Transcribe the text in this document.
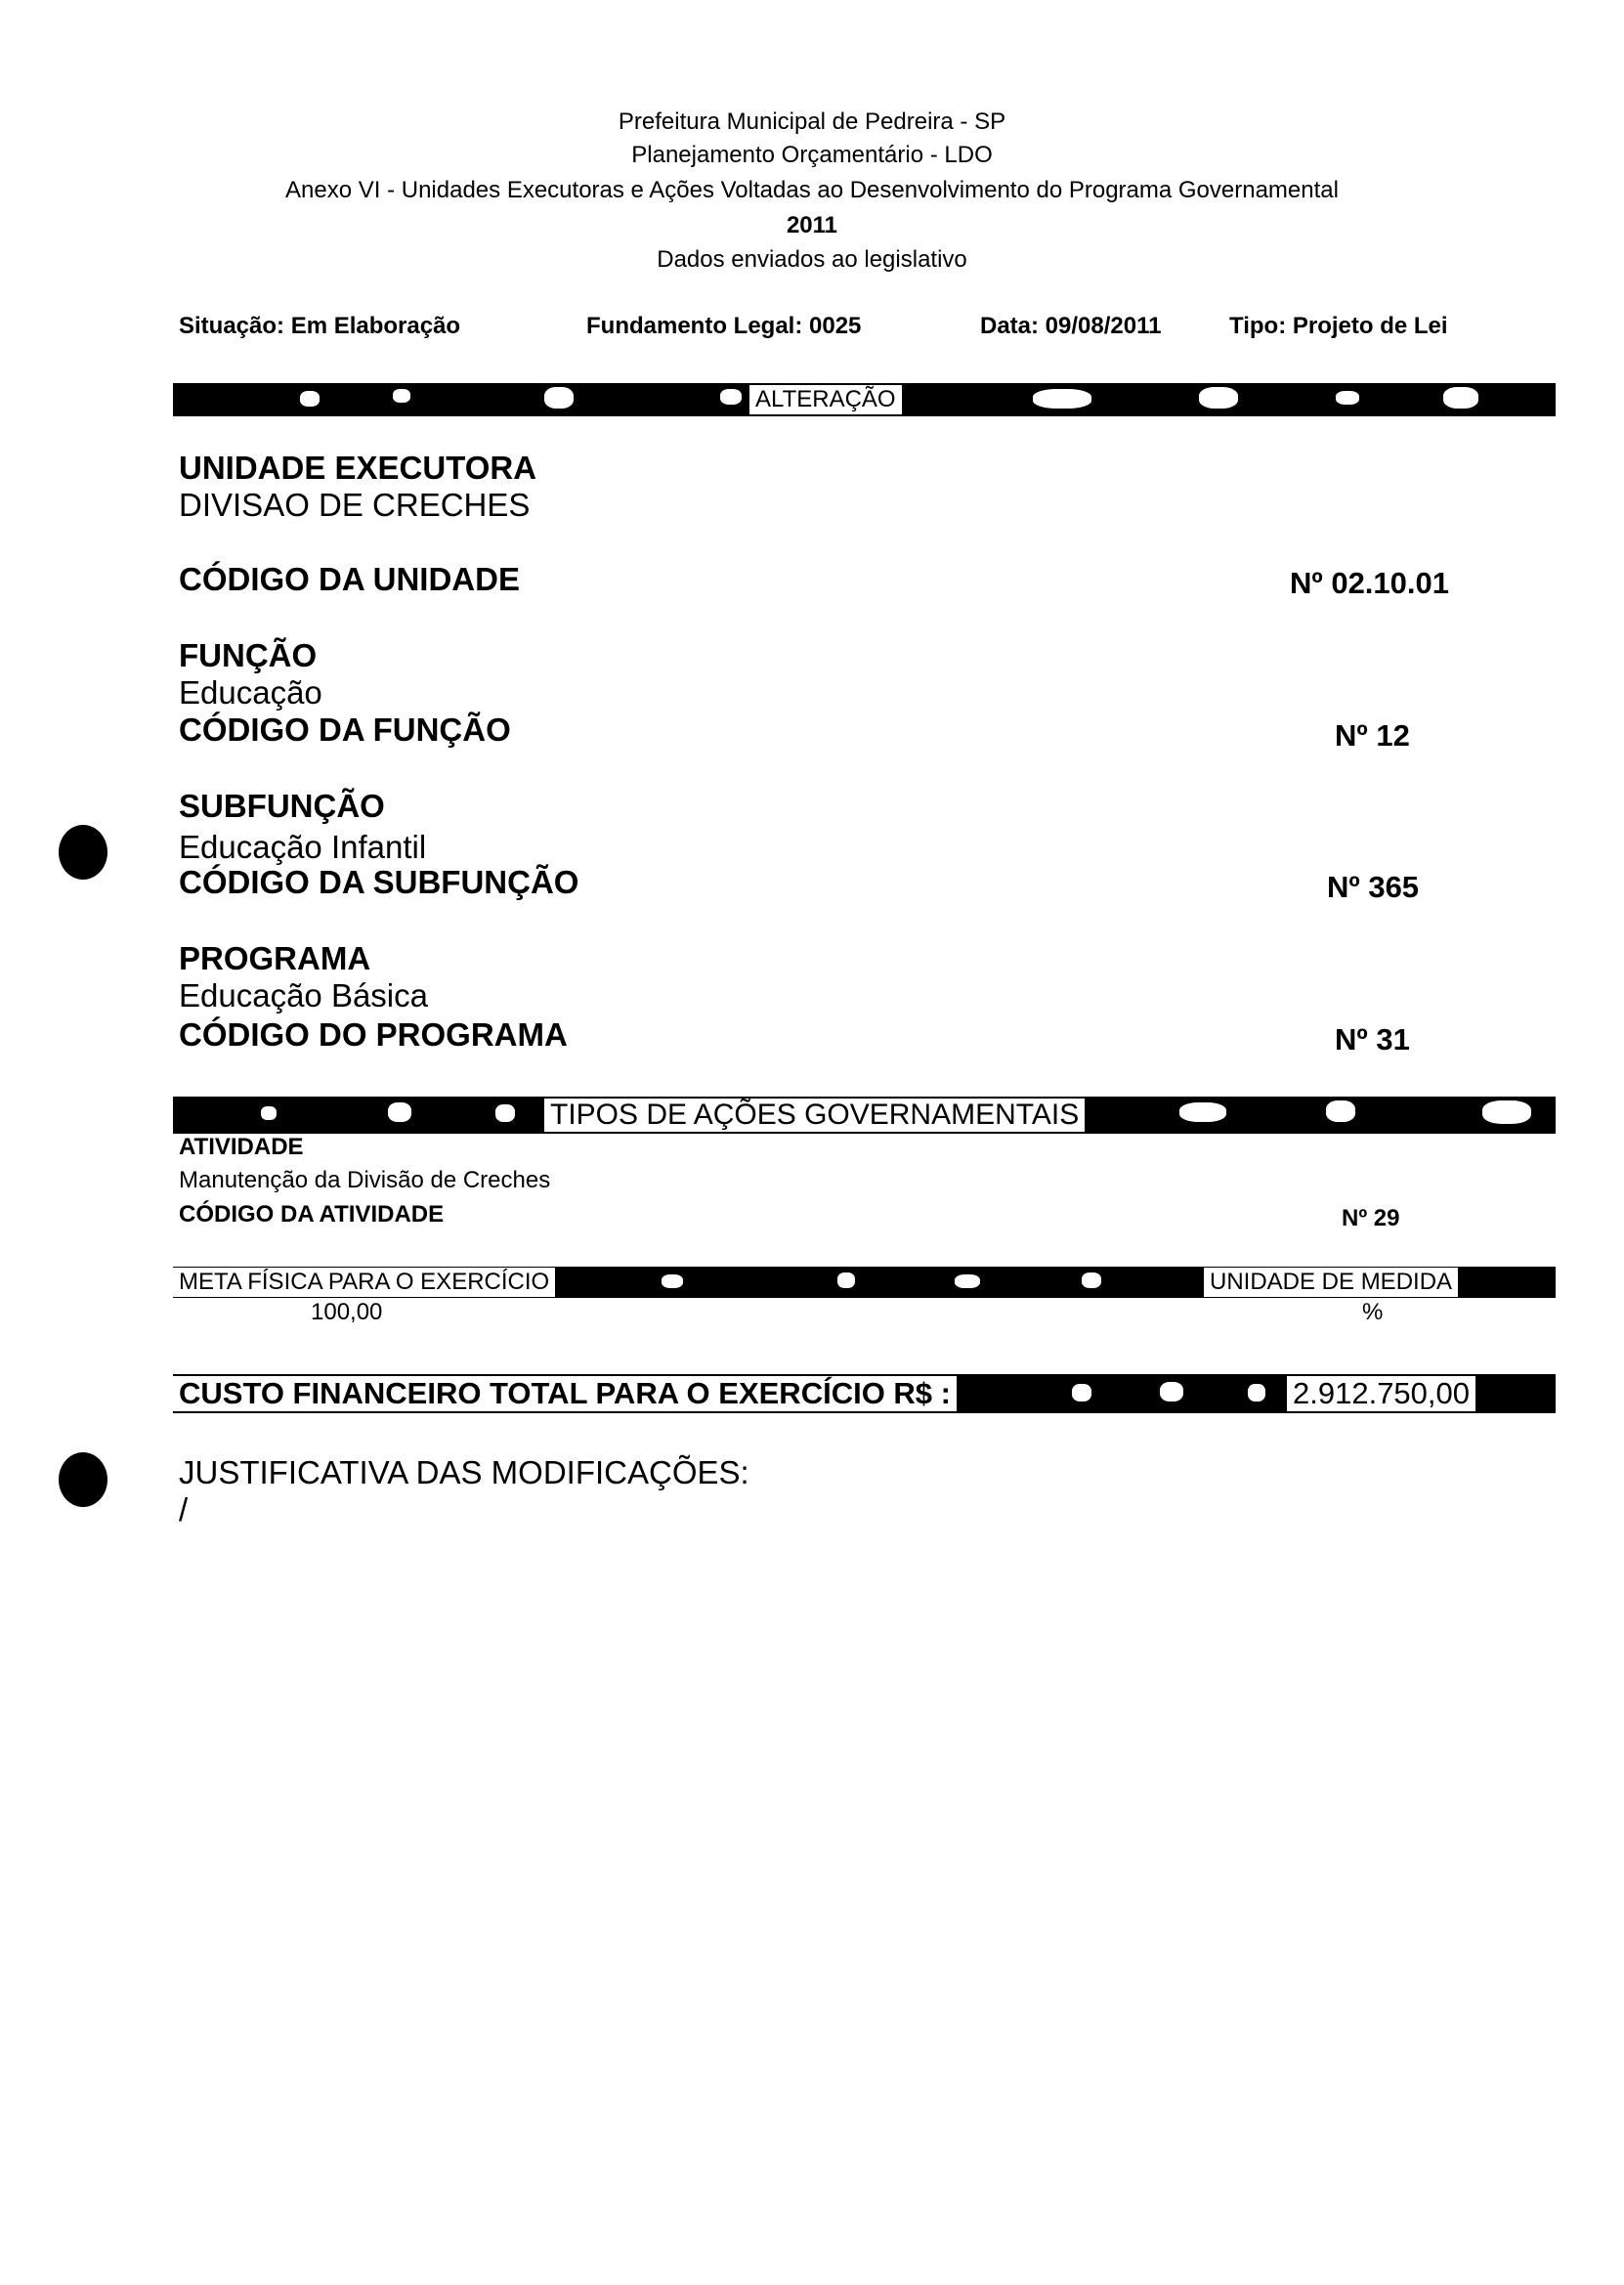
Prefeitura Municipal de Pedreira - SP
Planejamento Orçamentário - LDO
Anexo VI - Unidades Executoras e Ações Voltadas ao Desenvolvimento do Programa Governamental
2011
Dados enviados ao legislativo
Situação: Em Elaboração	Fundamento Legal: 0025	Data: 09/08/2011	Tipo: Projeto de Lei
ALTERAÇÃO
UNIDADE EXECUTORA
DIVISAO DE CRECHES
CÓDIGO DA UNIDADE	Nº 02.10.01
FUNÇÃO
Educação
CÓDIGO DA FUNÇÃO	Nº 12
SUBFUNÇÃO
Educação Infantil
CÓDIGO DA SUBFUNÇÃO	Nº 365
PROGRAMA
Educação Básica
CÓDIGO DO PROGRAMA	Nº 31
TIPOS DE AÇÕES GOVERNAMENTAIS
ATIVIDADE
Manutenção da Divisão de Creches
CÓDIGO DA ATIVIDADE	Nº 29
META FÍSICA PARA O EXERCÍCIO	UNIDADE DE MEDIDA
100,00	%
CUSTO FINANCEIRO TOTAL PARA O EXERCÍCIO R$ :	2.912.750,00
JUSTIFICATIVA DAS MODIFICAÇÕES:
/
